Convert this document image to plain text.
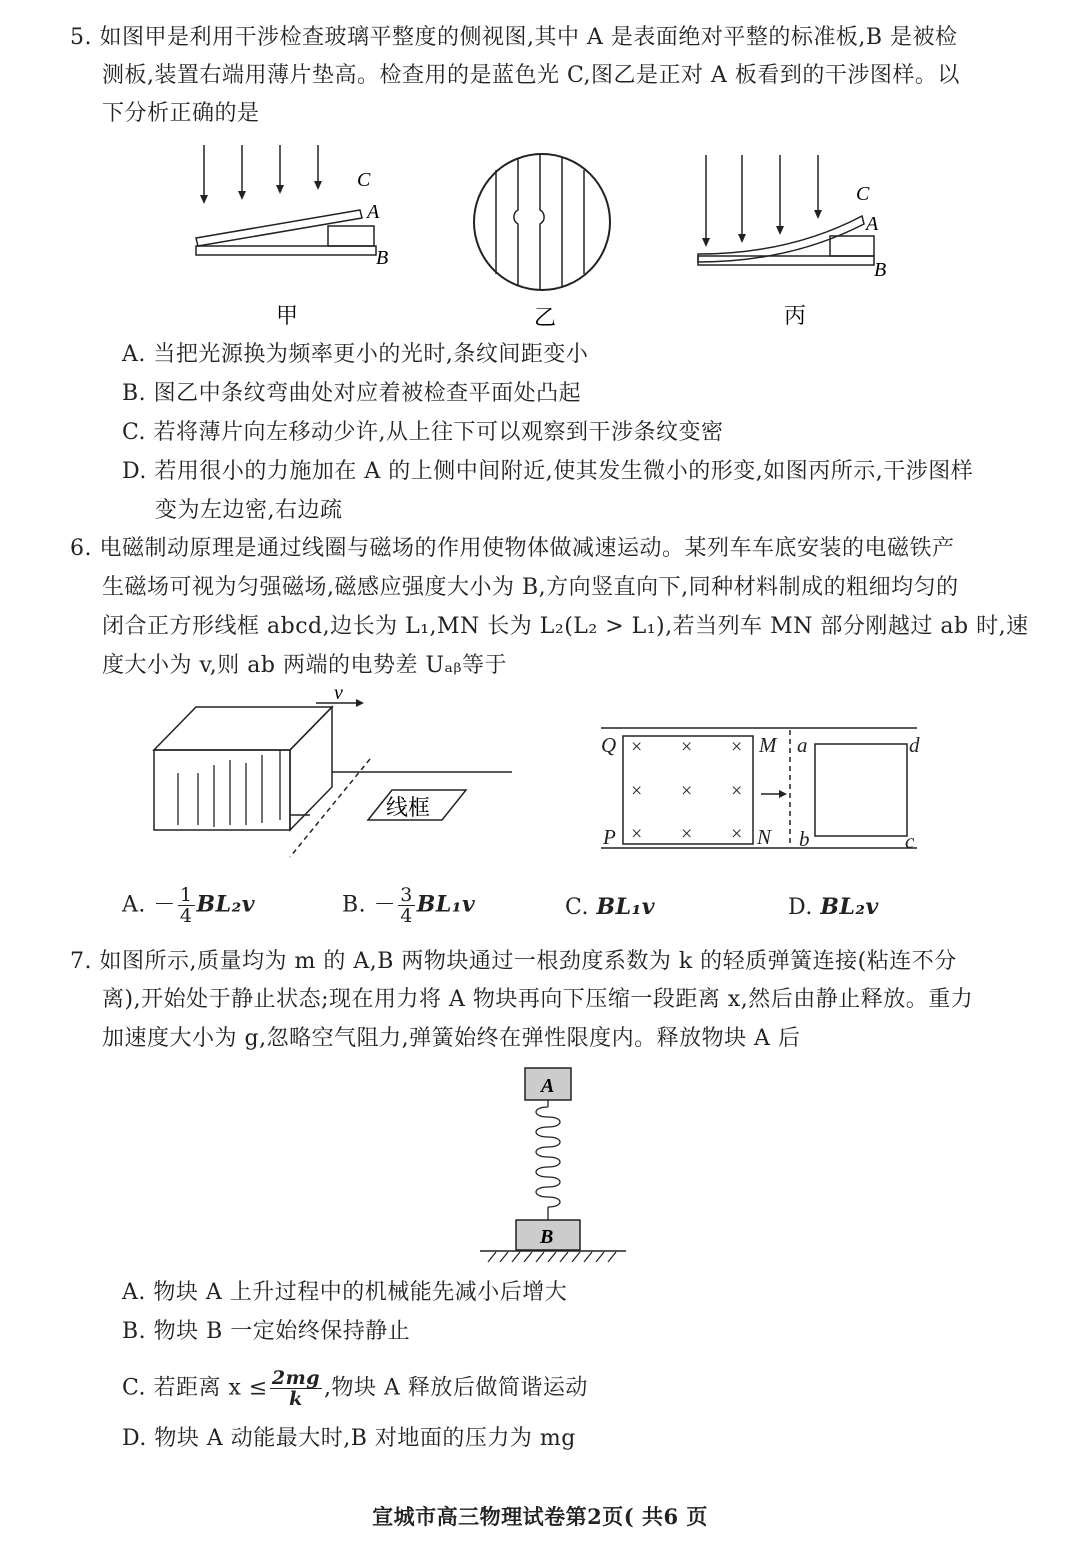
5. 如图甲是利用干涉检查玻璃平整度的侧视图,其中 A 是表面绝对平整的标准板,B 是被检
测板,装置右端用薄片垫高。检查用的是蓝色光 C,图乙是正对 A 板看到的干涉图样。以
下分析正确的是
C
A
B
甲	乙
C
A
B
丙
A. 当把光源换为频率更小的光时,条纹间距变小
B. 图乙中条纹弯曲处对应着被检查平面处凸起
C. 若将薄片向左移动少许,从上往下可以观察到干涉条纹变密
D. 若用很小的力施加在 A 的上侧中间附近,使其发生微小的形变,如图丙所示,干涉图样
变为左边密,右边疏
6. 电磁制动原理是通过线圈与磁场的作用使物体做减速运动。某列车车底安装的电磁铁产
生磁场可视为匀强磁场,磁感应强度大小为 B,方向竖直向下,同种材料制成的粗细均匀的
闭合正方形线框 abcd,边长为 L₁,MN 长为 L₂(L₂ > L₁),若当列车 MN 部分刚越过 ab 时,速
度大小为 v,则 ab 两端的电势差 Uₐᵦ等于
v
线框
× × ×
× × ×
× × ×
Q	M
P	N
a
b	c
d
A. － $\frac{1}{4} BL_2v$	B. － $\frac{3}{4} BL_1v$	C. BL₁v	D. BL₂v
7. 如图所示,质量均为 m 的 A,B 两物块通过一根劲度系数为 k 的轻质弹簧连接(粘连不分
离),开始处于静止状态;现在用力将 A 物块再向下压缩一段距离 x,然后由静止释放。重力
加速度大小为 g,忽略空气阻力,弹簧始终在弹性限度内。释放物块 A 后
A
B
A. 物块 A 上升过程中的机械能先减小后增大
B. 物块 B 一定始终保持静止
C. 若距离 $x \le \frac{2mg}{k}$ ,物块 A 释放后做简谐运动
D. 物块 A 动能最大时,B 对地面的压力为 mg
宣城市高三物理试卷第2页( 共6 页
